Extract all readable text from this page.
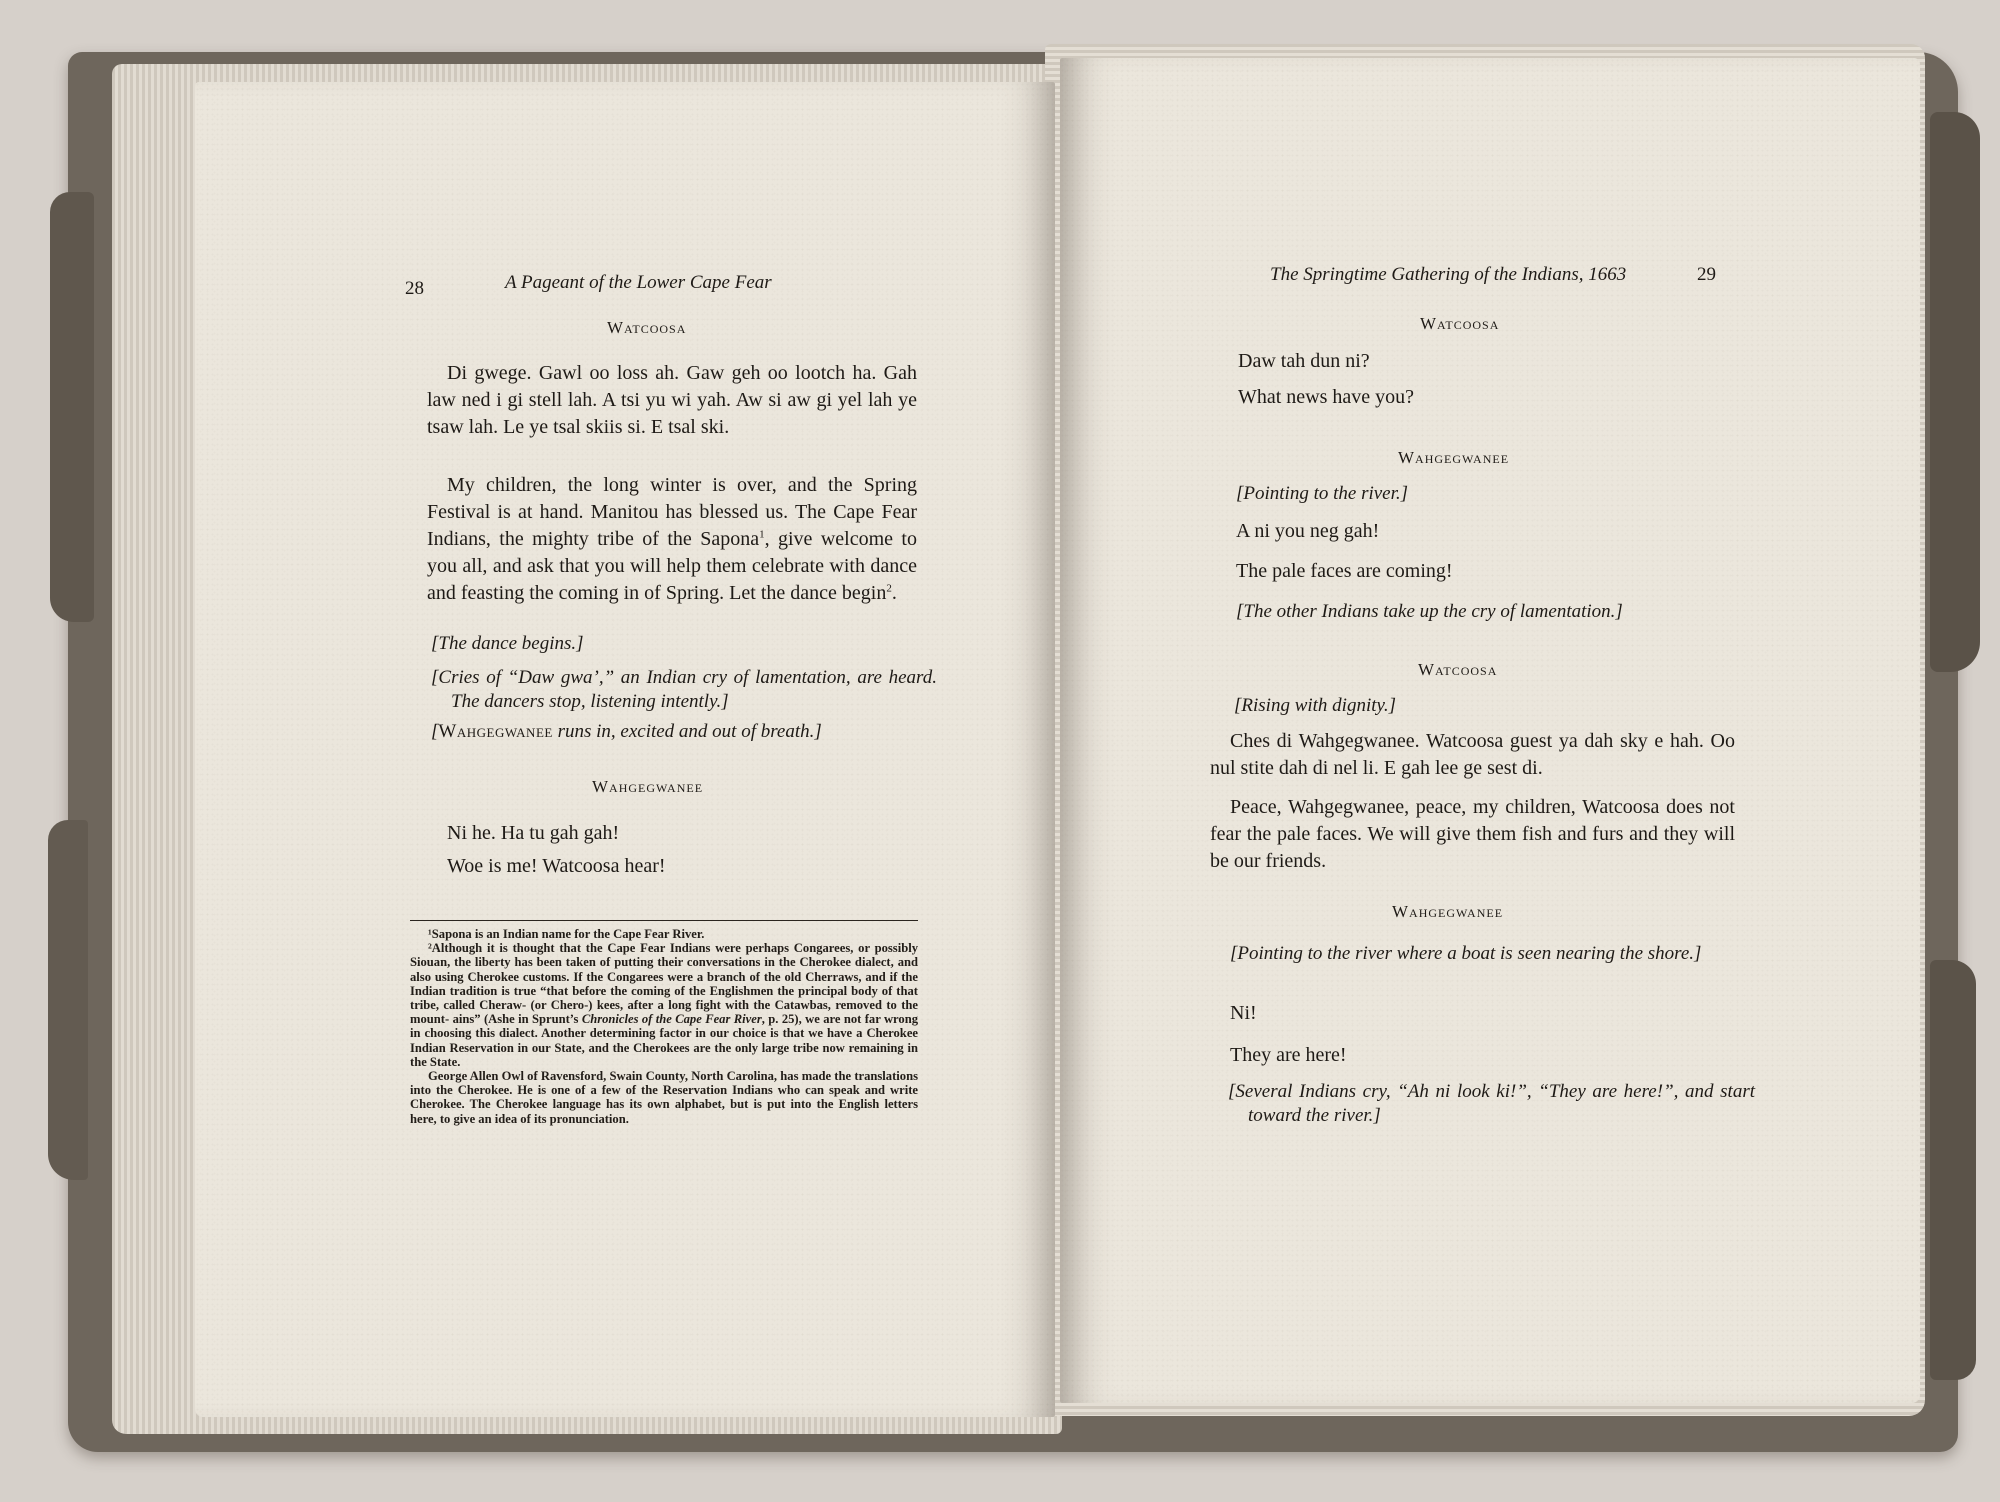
28	A Pageant of the Lower Cape Fear
Watcoosa
Di gwege. Gawl oo loss ah. Gaw geh oo lootch ha. Gah law ned i gi stell lah. A tsi yu wi yah. Aw si aw gi yel lah ye tsaw lah. Le ye tsal skiis si. E tsal ski.
My children, the long winter is over, and the Spring Festival is at hand. Manitou has blessed us. The Cape Fear Indians, the mighty tribe of the Sapona$^1$, give welcome to you all, and ask that you will help them celebrate with dance and feasting the coming in of Spring. Let the dance begin$^2$.
[The dance begins.]
[Cries of “Daw gwa’,” an Indian cry of lamentation, are heard. The dancers stop, listening intently.]
[Wahgegwanee runs in, excited and out of breath.]
Wahgegwanee
Ni he. Ha tu gah gah!
Woe is me! Watcoosa hear!

¹Sapona is an Indian name for the Cape Fear River.

²Although it is thought that the Cape Fear Indians were perhaps Congarees, or possibly Siouan, the liberty has been taken of putting their conversations in the Cherokee dialect, and also using Cherokee customs. If the Congarees were a branch of the old Cherraws, and if the Indian tradition is true “that before the coming of the Englishmen the principal body of that tribe, called Cheraw- (or Chero-) kees, after a long fight with the Catawbas, removed to the mount- ains” (Ashe in Sprunt’s Chronicles of the Cape Fear River, p. 25), we are not far wrong in choosing this dialect. Another determining factor in our choice is that we have a Cherokee Indian Reservation in our State, and the Cherokees are the only large tribe now remaining in the State.

George Allen Owl of Ravensford, Swain County, North Carolina, has made the translations into the Cherokee. He is one of a few of the Reservation Indians who can speak and write Cherokee. The Cherokee language has its own alphabet, but is put into the English letters here, to give an idea of its pronunciation.

The Springtime Gathering of the Indians, 1663	29
Watcoosa
Daw tah dun ni?
What news have you?
Wahgegwanee
[Pointing to the river.]
A ni you neg gah!
The pale faces are coming!
[The other Indians take up the cry of lamentation.]
Watcoosa
[Rising with dignity.]
Ches di Wahgegwanee. Watcoosa guest ya dah sky e hah. Oo nul stite dah di nel li. E gah lee ge sest di.
Peace, Wahgegwanee, peace, my children, Watcoosa does not fear the pale faces. We will give them fish and furs and they will be our friends.
Wahgegwanee
[Pointing to the river where a boat is seen nearing the shore.]
Ni!
They are here!
[Several Indians cry, “Ah ni look ki!”, “They are here!”, and start toward the river.]
